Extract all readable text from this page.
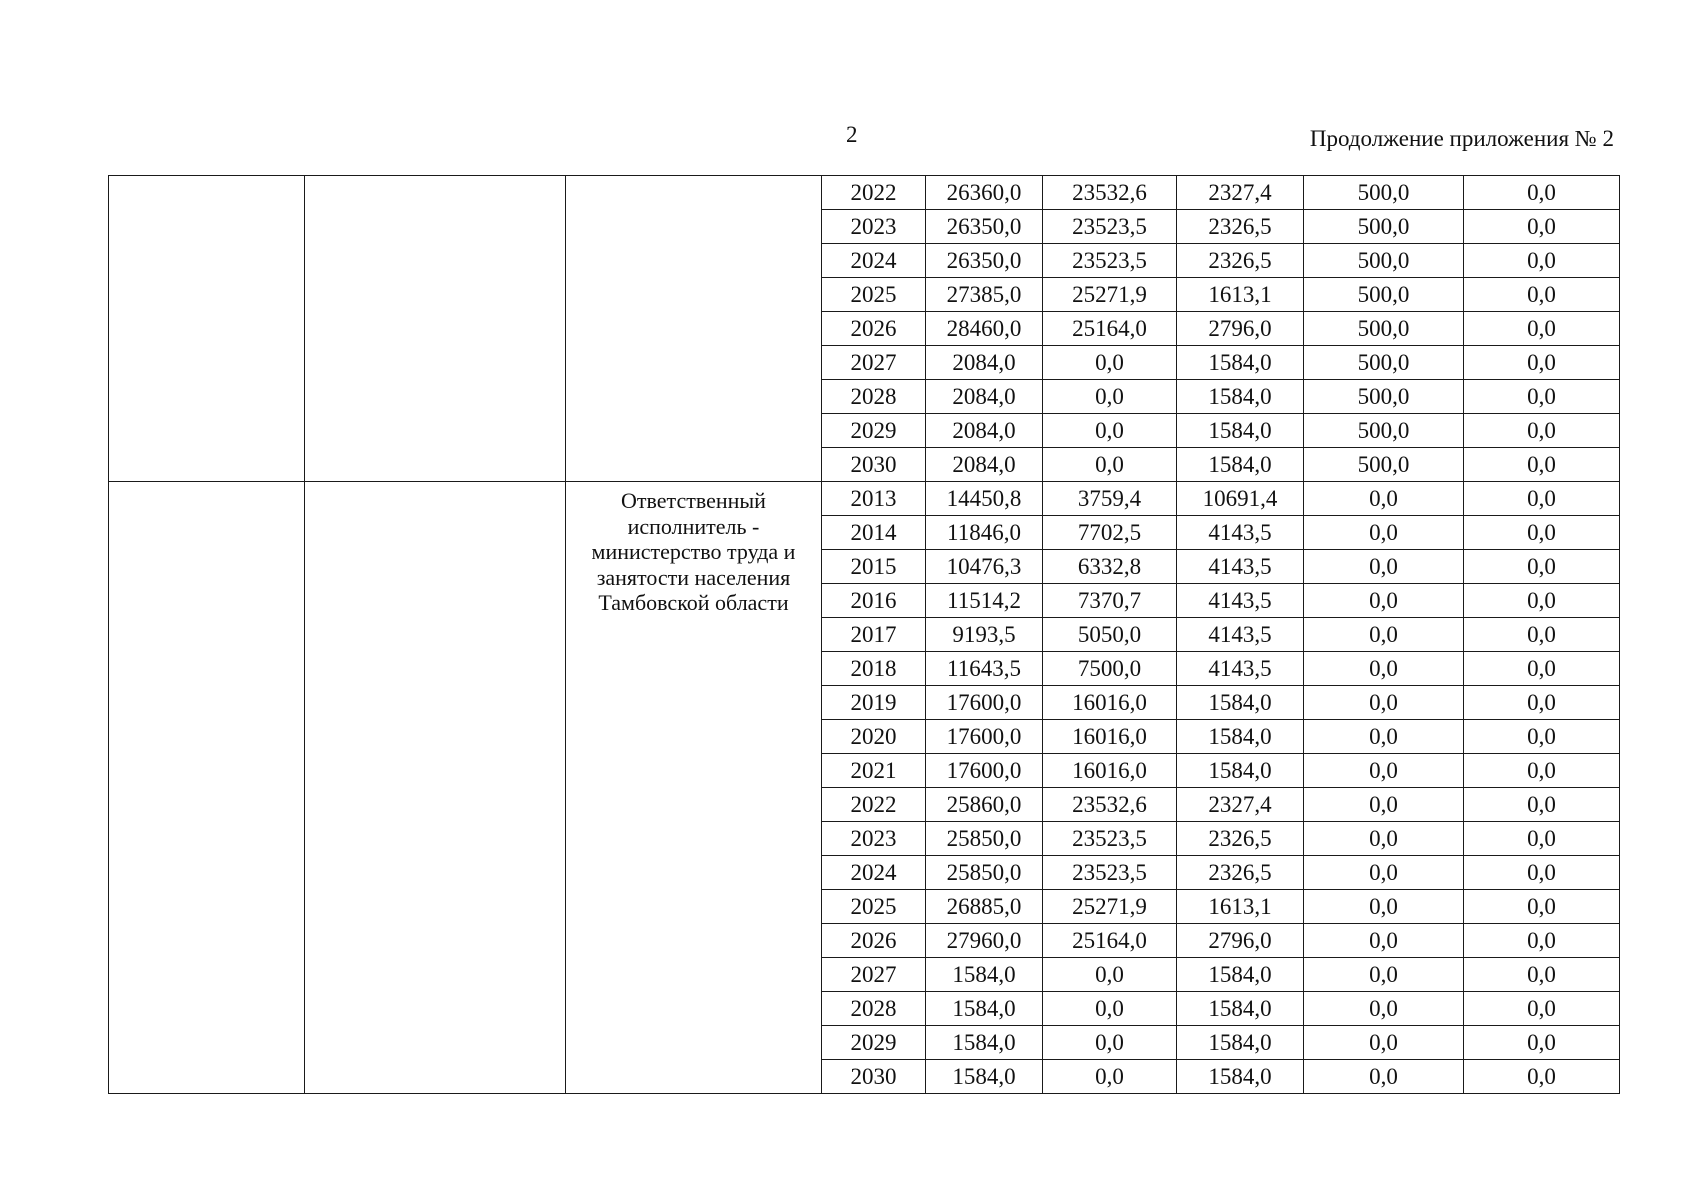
2	Продолжение приложения № 2
			2022	26360,0	23532,6	2327,4	500,0	0,0
			2023	26350,0	23523,5	2326,5	500,0	0,0
			2024	26350,0	23523,5	2326,5	500,0	0,0
			2025	27385,0	25271,9	1613,1	500,0	0,0
			2026	28460,0	25164,0	2796,0	500,0	0,0
			2027	2084,0	0,0	1584,0	500,0	0,0
			2028	2084,0	0,0	1584,0	500,0	0,0
			2029	2084,0	0,0	1584,0	500,0	0,0
			2030	2084,0	0,0	1584,0	500,0	0,0

		Ответственный
исполнитель -
министерство труда и
занятости населения
Тамбовской области	2013	14450,8	3759,4	10691,4	0,0	0,0
			2014	11846,0	7702,5	4143,5	0,0	0,0
			2015	10476,3	6332,8	4143,5	0,0	0,0
			2016	11514,2	7370,7	4143,5	0,0	0,0
			2017	9193,5	5050,0	4143,5	0,0	0,0
			2018	11643,5	7500,0	4143,5	0,0	0,0
			2019	17600,0	16016,0	1584,0	0,0	0,0
			2020	17600,0	16016,0	1584,0	0,0	0,0
			2021	17600,0	16016,0	1584,0	0,0	0,0
			2022	25860,0	23532,6	2327,4	0,0	0,0
			2023	25850,0	23523,5	2326,5	0,0	0,0
			2024	25850,0	23523,5	2326,5	0,0	0,0
			2025	26885,0	25271,9	1613,1	0,0	0,0
			2026	27960,0	25164,0	2796,0	0,0	0,0
			2027	1584,0	0,0	1584,0	0,0	0,0
			2028	1584,0	0,0	1584,0	0,0	0,0
			2029	1584,0	0,0	1584,0	0,0	0,0
			2030	1584,0	0,0	1584,0	0,0	0,0
